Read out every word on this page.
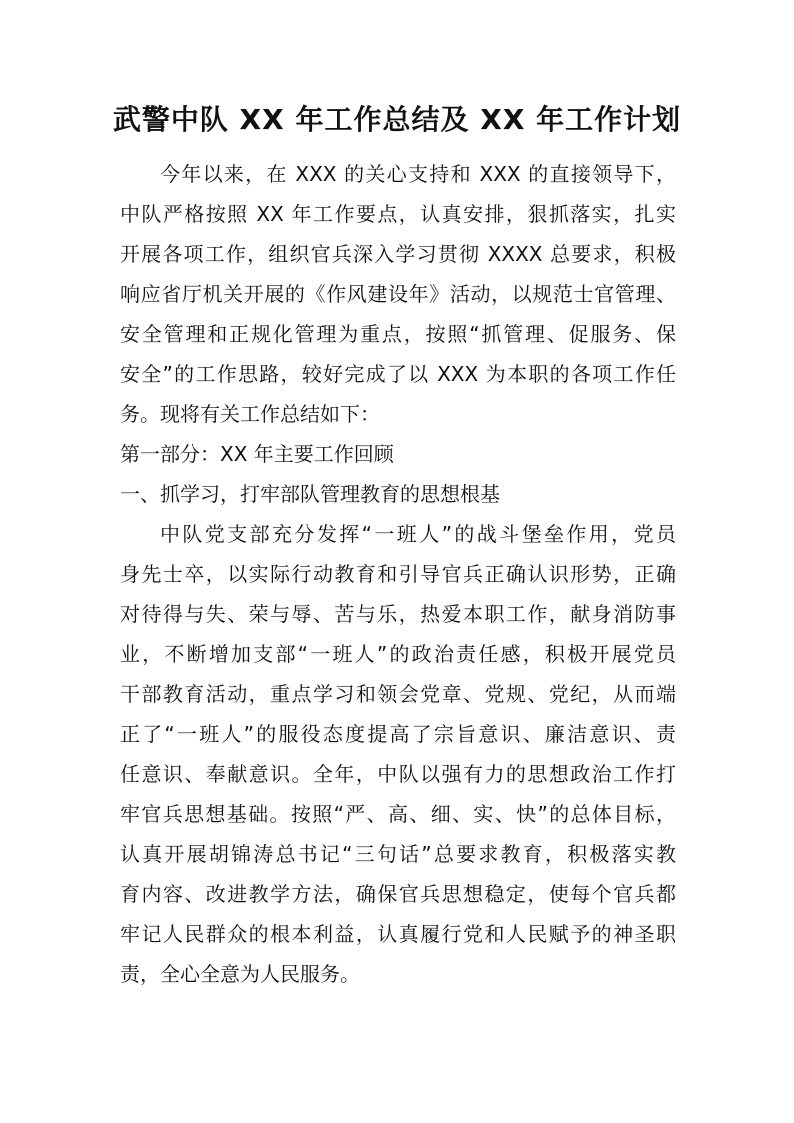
武警中队 XX 年工作总结及 XX 年工作计划
今年以来，在 XXX 的关心支持和 XXX 的直接领导下，
中队严格按照 XX 年工作要点，认真安排，狠抓落实，扎实
开展各项工作，组织官兵深入学习贯彻 XXXX 总要求，积极
响应省厅机关开展的《作风建设年》活动，以规范士官管理、
安全管理和正规化管理为重点，按照“抓管理、促服务、保
安全”的工作思路，较好完成了以 XXX 为本职的各项工作任
务。现将有关工作总结如下：
第一部分：XX 年主要工作回顾
一、抓学习，打牢部队管理教育的思想根基
中队党支部充分发挥“一班人”的战斗堡垒作用，党员
身先士卒，以实际行动教育和引导官兵正确认识形势，正确
对待得与失、荣与辱、苦与乐，热爱本职工作，献身消防事
业，不断增加支部“一班人”的政治责任感，积极开展党员
干部教育活动，重点学习和领会党章、党规、党纪，从而端
正了“一班人”的服役态度提高了宗旨意识、廉洁意识、责
任意识、奉献意识。全年，中队以强有力的思想政治工作打
牢官兵思想基础。按照“严、高、细、实、快”的总体目标，
认真开展胡锦涛总书记“三句话”总要求教育，积极落实教
育内容、改进教学方法，确保官兵思想稳定，使每个官兵都
牢记人民群众的根本利益，认真履行党和人民赋予的神圣职
责，全心全意为人民服务。
